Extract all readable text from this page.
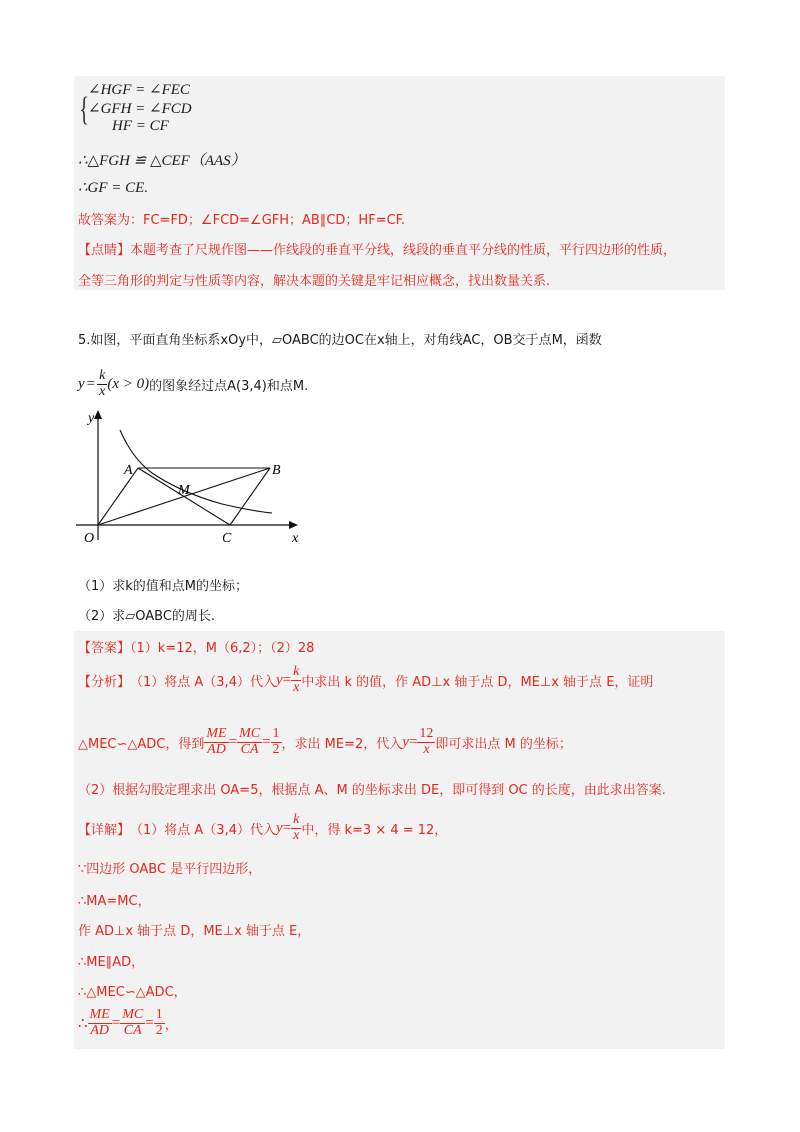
{
∠HGF = ∠FEC
∠GFH = ∠FCD
HF = CF
∴△FGH ≌ △CEF（AAS）
∴GF = CE.
故答案为：FC=FD；∠FCD=∠GFH；AB∥CD；HF=CF.
【点睛】本题考查了尺规作图——作线段的垂直平分线，线段的垂直平分线的性质，平行四边形的性质，
全等三角形的判定与性质等内容，解决本题的关键是牢记相应概念，找出数量关系.
5.如图，平面直角坐标系xOy中，▱OABC的边OC在x轴上，对角线AC，OB交于点M，函数
$y = \frac{k}{x} (x > 0)$ 的图象经过点A(3,4)和点M.
y
x
O
A	B
C
M
（1）求k的值和点M的坐标；
（2）求▱OABC的周长.
【答案】（1）k=12，M（6,2）；（2）28
【分析】 （1）将点 A（3,4）代入 $y = \frac{k}{x}$ 中求出 k 的值，作 AD⊥x 轴于点 D，ME⊥x 轴于点 E，证明
△MEC∽△ADC，得到 $\frac{ME}{AD} = \frac{MC}{CA} = \frac{1}{2}$ ，求出 ME=2，代入 $y = \frac{12}{x}$ 即可求出点 M 的坐标；
（2）根据勾股定理求出 OA=5，根据点 A、M 的坐标求出 DE，即可得到 OC 的长度，由此求出答案.
【详解】 （1）将点 A（3,4）代入 $y = \frac{k}{x}$ 中，得 k=3 × 4 = 12，
∵四边形 OABC 是平行四边形，
∴MA=MC，
作 AD⊥x 轴于点 D，ME⊥x 轴于点 E，
∴ME∥AD，
∴△MEC∽△ADC，
∴ $\frac{ME}{AD} = \frac{MC}{CA} = \frac{1}{2}$ ，
